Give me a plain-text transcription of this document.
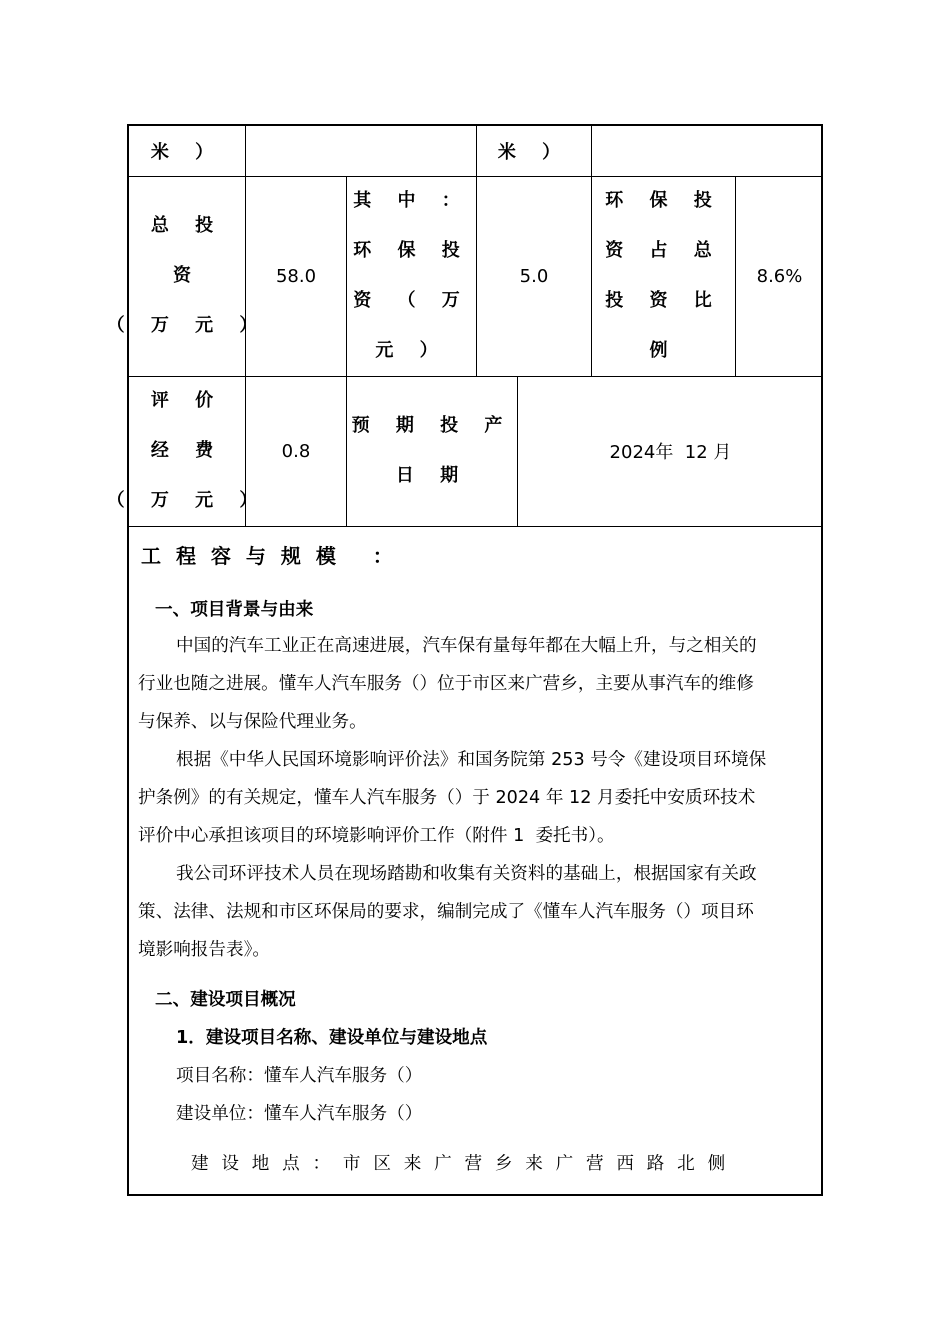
米 ）	米 ）
总 投
资
（ 万 元 ）
58.0
其 中 ：
环 保 投
资 （ 万
元 ）
5.0
环 保 投
资 占 总
投 资 比
例
8.6%
评 价
经 费
（ 万 元 ）
0.8
预 期 投 产
日 期
2024年  12 月
工 程 容 与 规 模   ：
一、项目背景与由来
中国的汽车工业正在高速进展，汽车保有量每年都在大幅上升，与之相关的
行业也随之进展。懂车人汽车服务（）位于市区来广营乡，主要从事汽车的维修
与保养、以与保险代理业务。
根据《中华人民国环境影响评价法》和国务院第 253 号令《建设项目环境保
护条例》的有关规定，懂车人汽车服务（）于 2024 年 12 月委托中安质环技术
评价中心承担该项目的环境影响评价工作（附件 1  委托书）。
我公司环评技术人员在现场踏勘和收集有关资料的基础上，根据国家有关政
策、法律、法规和市区环保局的要求，编制完成了《懂车人汽车服务（）项目环
境影响报告表》。
二、建设项目概况
1．建设项目名称、建设单位与建设地点
项目名称：懂车人汽车服务（）
建设单位：懂车人汽车服务（）
建 设 地 点 ： 市 区 来 广 营 乡 来 广 营 西 路 北 侧
